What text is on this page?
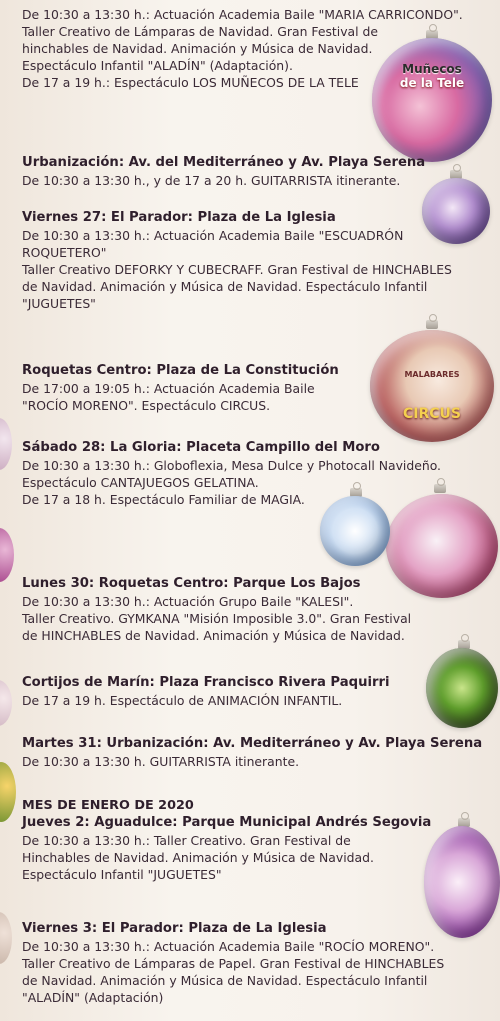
Muñecos
de la Tele
MALABARES
CIRCUS

De 10:30 a 13:30 h.: Actuación Academia Baile "MARIA CARRICONDO".

Taller Creativo de Lámparas de Navidad. Gran Festival de

hinchables de Navidad. Animación y Música de Navidad.

Espectáculo Infantil "ALADÍN" (Adaptación).

De 17 a 19 h.: Espectáculo LOS MUÑECOS DE LA TELE

Urbanización: Av. del Mediterráneo y Av. Playa Serena

De 10:30 a 13:30 h., y de 17 a 20 h. GUITARRISTA itinerante.

Viernes 27: El Parador: Plaza de La Iglesia

De 10:30 a 13:30 h.: Actuación Academia Baile "ESCUADRÓN

ROQUETERO"

Taller Creativo DEFORKY Y CUBECRAFF. Gran Festival de HINCHABLES

de Navidad. Animación y Música de Navidad. Espectáculo Infantil

"JUGUETES"

Roquetas Centro: Plaza de La Constitución

De 17:00 a 19:05 h.: Actuación Academia Baile

"ROCÍO MORENO". Espectáculo CIRCUS.

Sábado 28: La Gloria: Placeta Campillo del Moro

De 10:30 a 13:30 h.: Globoflexia, Mesa Dulce y Photocall Navideño.

Espectáculo CANTAJUEGOS GELATINA.

De 17 a 18 h. Espectáculo Familiar de MAGIA.

Lunes 30: Roquetas Centro: Parque Los Bajos

De 10:30 a 13:30 h.: Actuación Grupo Baile "KALESI".

Taller Creativo. GYMKANA "Misión Imposible 3.0". Gran Festival

de HINCHABLES de Navidad. Animación y Música de Navidad.

Cortijos de Marín: Plaza Francisco Rivera Paquirri

De 17 a 19 h. Espectáculo de ANIMACIÓN INFANTIL.

Martes 31: Urbanización: Av. Mediterráneo y Av. Playa Serena

De 10:30 a 13:30 h. GUITARRISTA itinerante.

MES DE ENERO DE 2020

Jueves 2: Aguadulce: Parque Municipal Andrés Segovia

De 10:30 a 13:30 h.: Taller Creativo. Gran Festival de

Hinchables de Navidad. Animación y Música de Navidad.

Espectáculo Infantil "JUGUETES"

Viernes 3: El Parador: Plaza de La Iglesia

De 10:30 a 13:30 h.: Actuación Academia Baile "ROCÍO MORENO".

Taller Creativo de Lámparas de Papel. Gran Festival de HINCHABLES

de Navidad. Animación y Música de Navidad. Espectáculo Infantil

"ALADÍN" (Adaptación)
